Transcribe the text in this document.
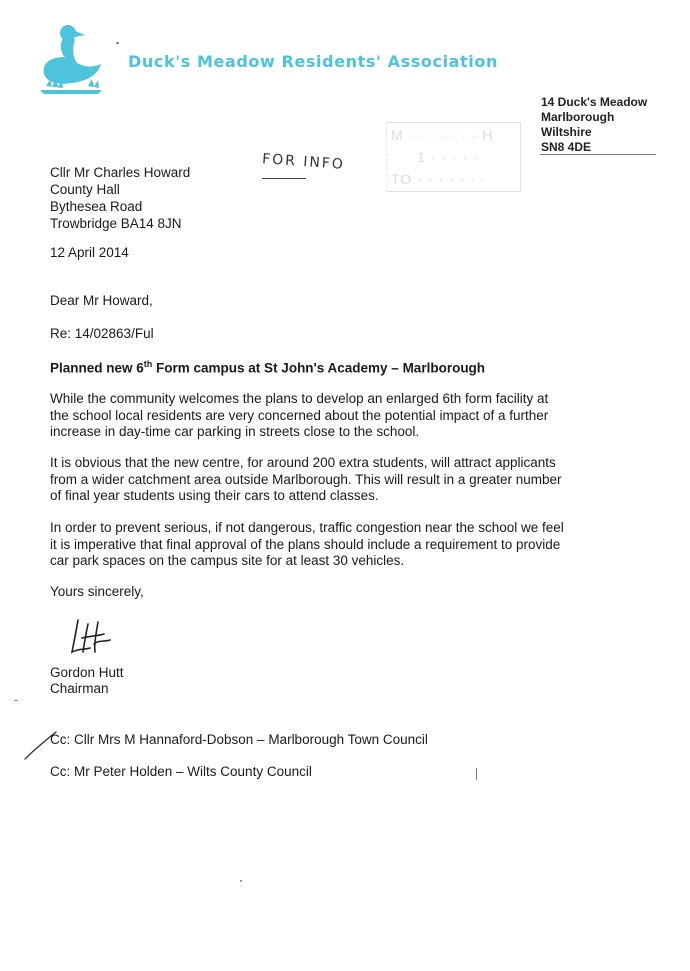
Duck's Meadow Residents' Association
14 Duck's Meadow
Marlborough
Wiltshire
SN8 4DE
M · · · · · · · H
1 · · · · ·
TO · · · · · · ·
FOR INFO
Cllr Mr Charles Howard
County Hall
Bythesea Road
Trowbridge BA14 8JN
12 April 2014
Dear Mr Howard,
Re: 14/02863/Ful
Planned new 6th Form campus at St John's Academy – Marlborough
While the community welcomes the plans to develop an enlarged 6th form facility at
the school local residents are very concerned about the potential impact of a further
increase in day-time car parking in streets close to the school.
It is obvious that the new centre, for around 200 extra students, will attract applicants
from a wider catchment area outside Marlborough. This will result in a greater number
of final year students using their cars to attend classes.
In order to prevent serious, if not dangerous, traffic congestion near the school we feel
it is imperative that final approval of the plans should include a requirement to provide
car park spaces on the campus site for at least 30 vehicles.
Yours sincerely,
Gordon Hutt
Chairman
Cc: Cllr Mrs M Hannaford-Dobson – Marlborough Town Council
Cc: Mr Peter Holden – Wilts County Council
